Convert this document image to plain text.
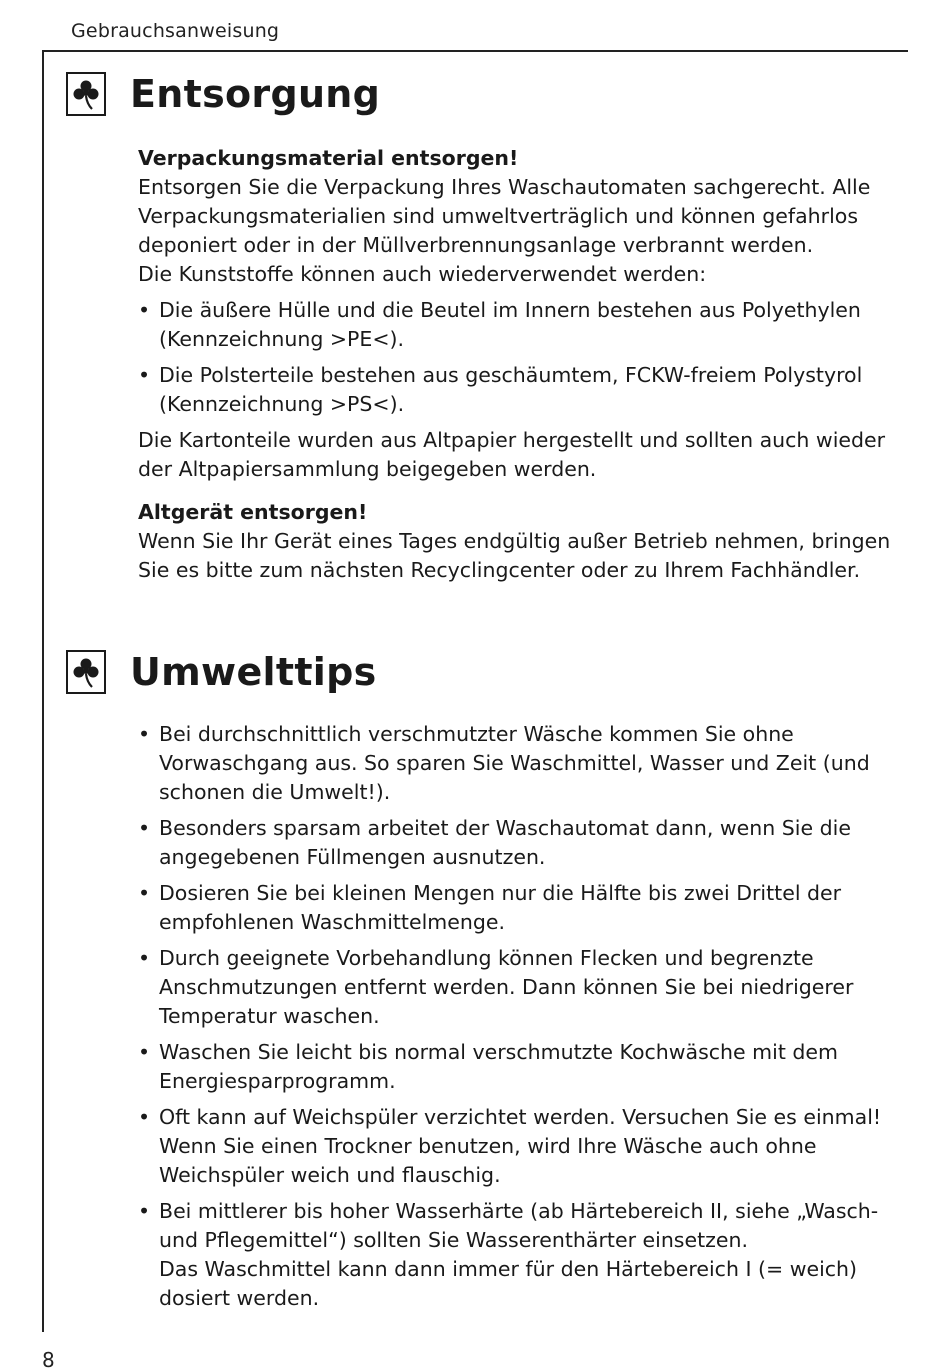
Gebrauchsanweisung
Entsorgung

Verpackungsmaterial entsorgen!

Entsorgen Sie die Verpackung Ihres Waschautomaten sachgerecht. Alle Verpackungsmaterialien sind umweltverträglich und können gefahrlos deponiert oder in der Müllverbrennungsanlage verbrannt werden.

Die Kunststoffe können auch wiederverwendet werden:

• Die äußere Hülle und die Beutel im Innern bestehen aus Polyethylen (Kennzeichnung >PE<).
• Die Polsterteile bestehen aus geschäumtem, FCKW-freiem Polystyrol (Kennzeichnung >PS<).

Die Kartonteile wurden aus Altpapier hergestellt und sollten auch wieder der Altpapiersammlung beigegeben werden.

Altgerät entsorgen!

Wenn Sie Ihr Gerät eines Tages endgültig außer Betrieb nehmen, bringen Sie es bitte zum nächsten Recyclingcenter oder zu Ihrem Fachhändler.

Umwelttips
• Bei durchschnittlich verschmutzter Wäsche kommen Sie ohne Vorwaschgang aus. So sparen Sie Waschmittel, Wasser und Zeit (und schonen die Umwelt!).
• Besonders sparsam arbeitet der Waschautomat dann, wenn Sie die angegebenen Füllmengen ausnutzen.
• Dosieren Sie bei kleinen Mengen nur die Hälfte bis zwei Drittel der empfohlenen Waschmittelmenge.
• Durch geeignete Vorbehandlung können Flecken und begrenzte Anschmutzungen entfernt werden. Dann können Sie bei niedrigerer Temperatur waschen.
• Waschen Sie leicht bis normal verschmutzte Kochwäsche mit dem Energiesparprogramm.
• Oft kann auf Weichspüler verzichtet werden. Versuchen Sie es einmal! Wenn Sie einen Trockner benutzen, wird Ihre Wäsche auch ohne Weichspüler weich und flauschig.
• Bei mittlerer bis hoher Wasserhärte (ab Härtebereich II, siehe „Wasch- und Pflegemittel“) sollten Sie Wasserenthärter einsetzen.
Das Waschmittel kann dann immer für den Härtebereich I (= weich) dosiert werden.
8
